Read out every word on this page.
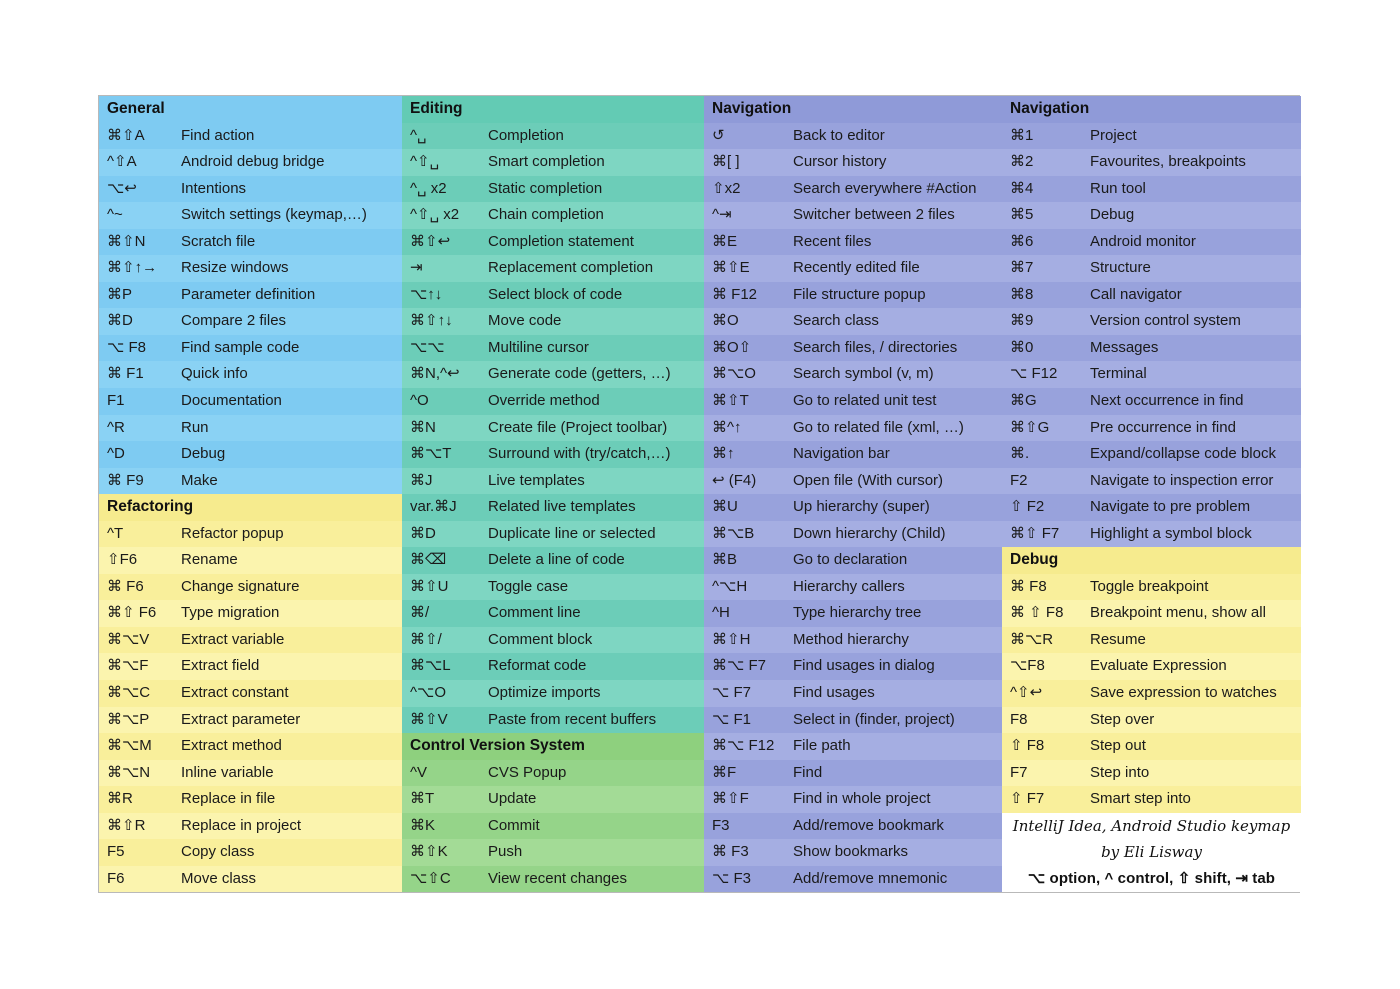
General
⌘⇧A	Find action
^⇧A	Android debug bridge
⌥↩	Intentions
^~	Switch settings (keymap,…)
⌘⇧N	Scratch file
⌘⇧↑→	Resize windows
⌘P	Parameter definition
⌘D	Compare 2 files
⌥ F8	Find sample code
⌘ F1	Quick info
F1	Documentation
^R	Run
^D	Debug
⌘ F9	Make
Refactoring
^T	Refactor popup
⇧F6	Rename
⌘ F6	Change signature
⌘⇧ F6	Type migration
⌘⌥V	Extract variable
⌘⌥F	Extract field
⌘⌥C	Extract constant
⌘⌥P	Extract parameter
⌘⌥M	Extract method
⌘⌥N	Inline variable
⌘R	Replace in file
⌘⇧R	Replace in project
F5	Copy class
F6	Move class
Editing
^␣	Completion
^⇧␣	Smart completion
^␣ x2	Static completion
^⇧␣ x2	Chain completion
⌘⇧↩	Completion statement
⇥	Replacement completion
⌥↑↓	Select block of code
⌘⇧↑↓	Move code
⌥⌥	Multiline cursor
⌘N,^↩	Generate code (getters, …)
^O	Override method
⌘N	Create file (Project toolbar)
⌘⌥T	Surround with (try/catch,…)
⌘J	Live templates
var.⌘J	Related live templates
⌘D	Duplicate line or selected
⌘⌫	Delete a line of code
⌘⇧U	Toggle case
⌘/	Comment line
⌘⇧/	Comment block
⌘⌥L	Reformat code
^⌥O	Optimize imports
⌘⇧V	Paste from recent buffers
Control Version System
^V	CVS Popup
⌘T	Update
⌘K	Commit
⌘⇧K	Push
⌥⇧C	View recent changes
Navigation
↺	Back to editor
⌘[ ]	Cursor history
⇧x2	Search everywhere #Action
^⇥	Switcher between 2 files
⌘E	Recent files
⌘⇧E	Recently edited file
⌘ F12	File structure popup
⌘O	Search class
⌘O⇧	Search files, / directories
⌘⌥O	Search symbol (v, m)
⌘⇧T	Go to related unit test
⌘^↑	Go to related file (xml, …)
⌘↑	Navigation bar
↩ (F4)	Open file (With cursor)
⌘U	Up hierarchy (super)
⌘⌥B	Down hierarchy (Child)
⌘B	Go to declaration
^⌥H	Hierarchy callers
^H	Type hierarchy tree
⌘⇧H	Method hierarchy
⌘⌥ F7	Find usages in dialog
⌥ F7	Find usages
⌥ F1	Select in (finder, project)
⌘⌥ F12	File path
⌘F	Find
⌘⇧F	Find in whole project
F3	Add/remove bookmark
⌘ F3	Show bookmarks
⌥ F3	Add/remove mnemonic
Navigation
⌘1	Project
⌘2	Favourites, breakpoints
⌘4	Run tool
⌘5	Debug
⌘6	Android monitor
⌘7	Structure
⌘8	Call navigator
⌘9	Version control system
⌘0	Messages
⌥ F12	Terminal
⌘G	Next occurrence in find
⌘⇧G	Pre occurrence in find
⌘.	Expand/collapse code block
F2	Navigate to inspection error
⇧ F2	Navigate to pre problem
⌘⇧ F7	Highlight a symbol block
Debug
⌘ F8	Toggle breakpoint
⌘ ⇧ F8	Breakpoint menu, show all
⌘⌥R	Resume
⌥F8	Evaluate Expression
^⇧↩	Save expression to watches
F8	Step over
⇧ F8	Step out
F7	Step into
⇧ F7	Smart step into
IntelliJ Idea, Android Studio keymap
by Eli Lisway
⌥ option, ^ control, ⇧ shift, ⇥ tab
